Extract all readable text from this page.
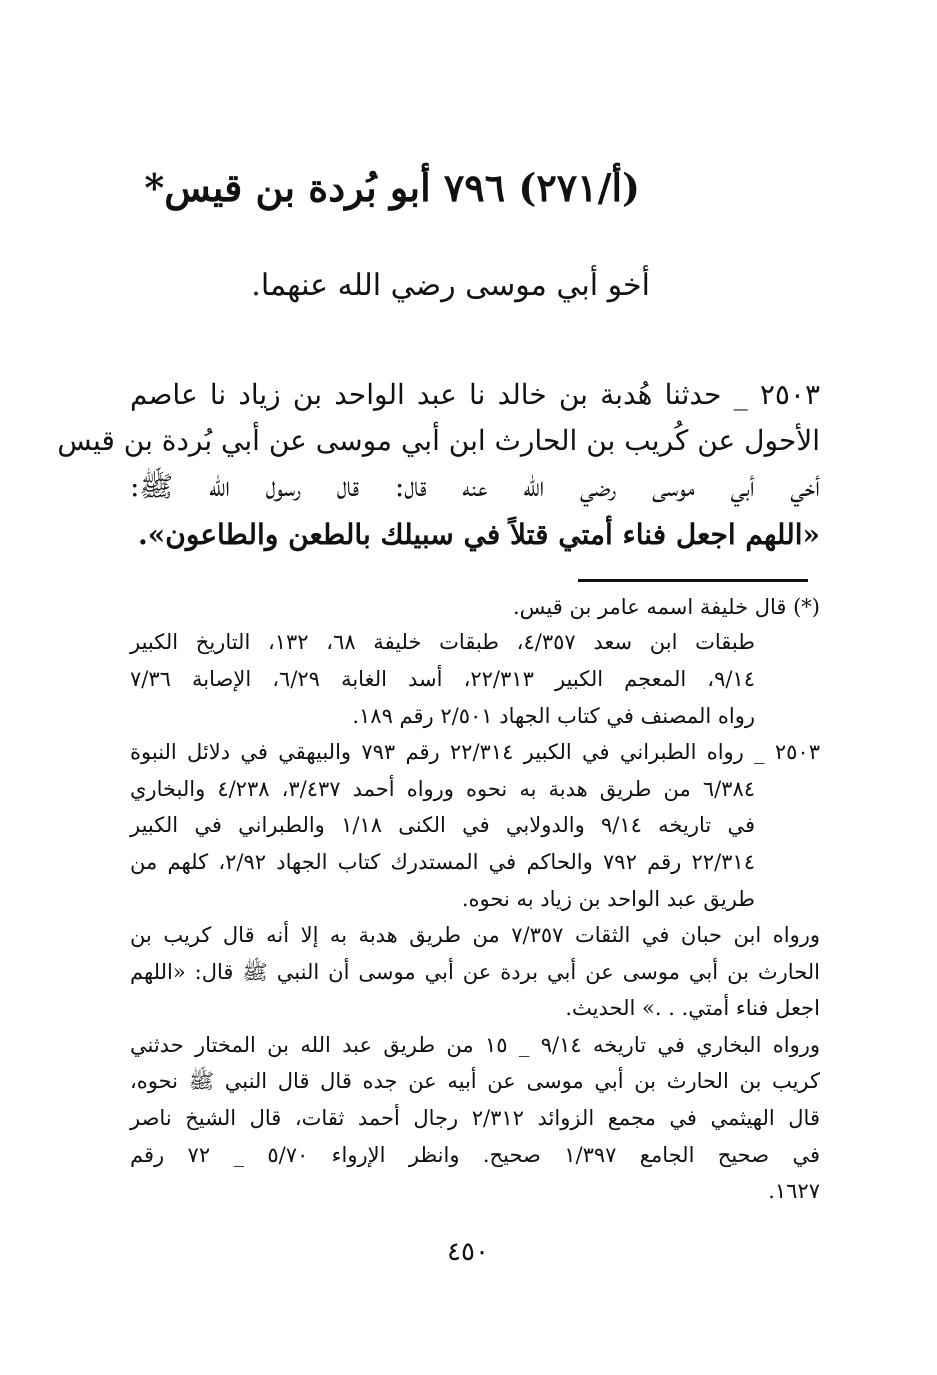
(أ/٢٧١) ٧٩٦ أبو بُردة بن قيس*
أخو أبي موسى رضي الله عنهما.
٢٥٠٣ _ حدثنا هُدبة بن خالد نا عبد الواحد بن زياد نا عاصم
الأحول عن كُريب بن الحارث ابن أبي موسى عن أبي بُردة بن قيس
أخي أبي موسى رضي الله عنه قال: قال رسول الله ﷺ:
«اللهم اجعل فناء أمتي قتلاً في سبيلك بالطعن والطاعون».
(*) قال خليفة اسمه عامر بن قيس.
طبقات ابن سعد ٤/٣٥٧، طبقات خليفة ٦٨، ١٣٢، التاريخ الكبير
٩/١٤، المعجم الكبير ٢٢/٣١٣، أسد الغابة ٦/٢٩، الإصابة ٧/٣٦
رواه المصنف في كتاب الجهاد ٢/٥٠١ رقم ١٨٩.
٢٥٠٣ _ رواه الطبراني في الكبير ٢٢/٣١٤ رقم ٧٩٣ والبيهقي في دلائل النبوة
٦/٣٨٤ من طريق هدبة به نحوه ورواه أحمد ٣/٤٣٧، ٤/٢٣٨ والبخاري
في تاريخه ٩/١٤ والدولابي في الكنى ١/١٨ والطبراني في الكبير
٢٢/٣١٤ رقم ٧٩٢ والحاكم في المستدرك كتاب الجهاد ٢/٩٢، كلهم من
طريق عبد الواحد بن زياد به نحوه.
ورواه ابن حبان في الثقات ٧/٣٥٧ من طريق هدبة به إلا أنه قال كريب بن
الحارث بن أبي موسى عن أبي بردة عن أبي موسى أن النبي ﷺ قال: «اللهم
اجعل فناء أمتي. . .» الحديث.
ورواه البخاري في تاريخه ٩/١٤ _ ١٥ من طريق عبد الله بن المختار حدثني
كريب بن الحارث بن أبي موسى عن أبيه عن جده قال قال النبي ﷺ نحوه،
قال الهيثمي في مجمع الزوائد ٢/٣١٢ رجال أحمد ثقات، قال الشيخ ناصر
في صحيح الجامع ١/٣٩٧ صحيح. وانظر الإرواء ٥/٧٠ _ ٧٢ رقم
١٦٢٧.
٤٥٠
